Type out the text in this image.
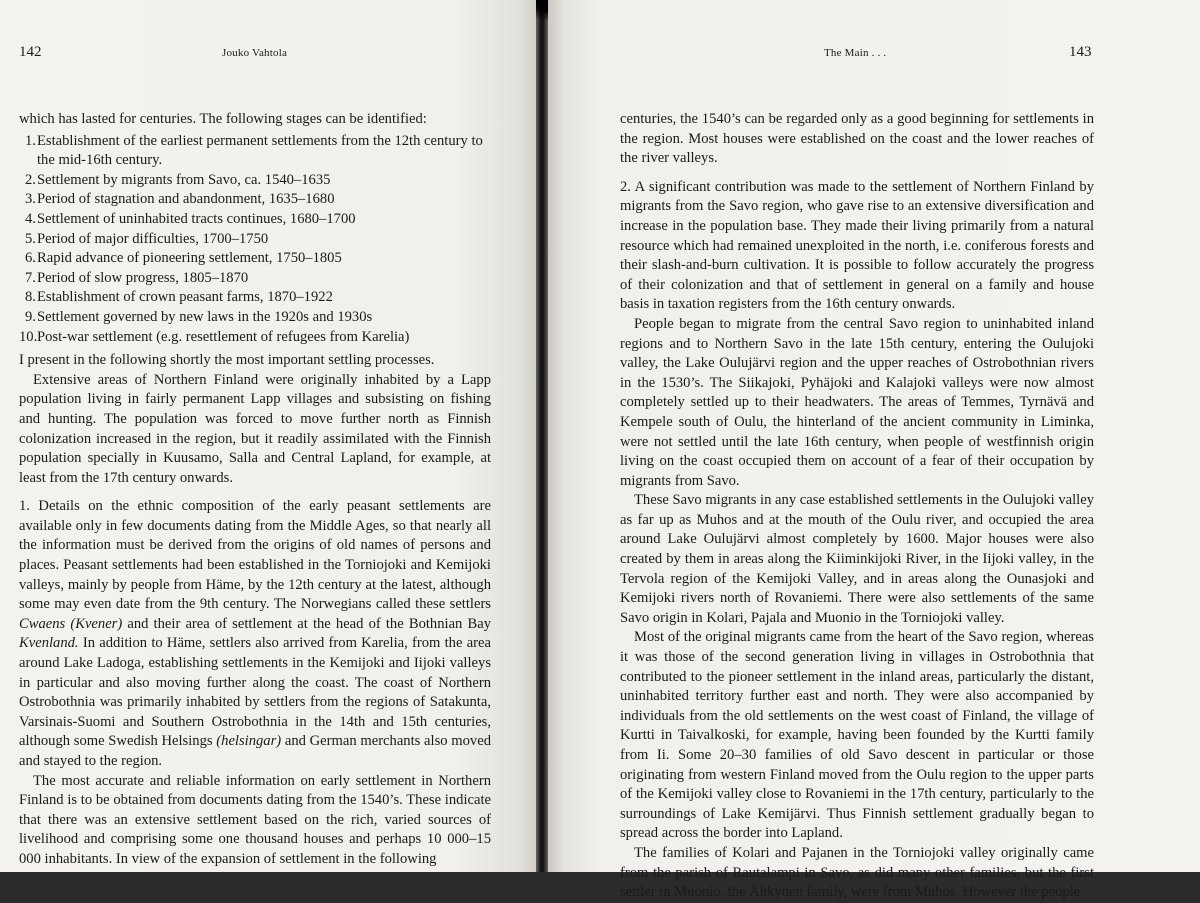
142	Jouko Vahtola

which has lasted for centuries. The following stages can be identified:

1. Establishment of the earliest permanent settlements from the 12th century to the mid-16th century.
2. Settlement by migrants from Savo, ca. 1540–1635
3. Period of stagnation and abandonment, 1635–1680
4. Settlement of uninhabited tracts continues, 1680–1700
5. Period of major difficulties, 1700–1750
6. Rapid advance of pioneering settlement, 1750–1805
7. Period of slow progress, 1805–1870
8. Establishment of crown peasant farms, 1870–1922
9. Settlement governed by new laws in the 1920s and 1930s
10. Post-war settlement (e.g. resettlement of refugees from Karelia)

I present in the following shortly the most important settling processes.

Extensive areas of Northern Finland were originally inhabited by a Lapp population living in fairly permanent Lapp villages and subsisting on fishing and hunting. The population was forced to move further north as Finnish colonization increased in the region, but it readily assimilated with the Finnish population specially in Kuusamo, Salla and Central Lapland, for example, at least from the 17th century onwards.

1. Details on the ethnic composition of the early peasant settlements are available only in few documents dating from the Middle Ages, so that nearly all the information must be derived from the origins of old names of persons and places. Peasant settlements had been established in the Torniojoki and Kemijoki valleys, mainly by people from Häme, by the 12th century at the latest, although some may even date from the 9th century. The Norwegians called these settlers Cwaens (Kvener) and their area of settlement at the head of the Bothnian Bay Kvenland. In addition to Häme, settlers also arrived from Karelia, from the area around Lake Ladoga, establishing settlements in the Kemijoki and Iijoki valleys in particular and also moving further along the coast. The coast of Northern Ostrobothnia was primarily inhabited by settlers from the regions of Satakunta, Varsinais-Suomi and Southern Ostrobothnia in the 14th and 15th centuries, although some Swedish Helsings (helsingar) and German merchants also moved and stayed to the region.

The most accurate and reliable information on early settlement in Northern Finland is to be obtained from documents dating from the 1540’s. These indicate that there was an extensive settlement based on the rich, varied sources of livelihood and comprising some one thousand houses and perhaps 10 000–15 000 inhabitants. In view of the expansion of settlement in the following

The Main . . .	143

centuries, the 1540’s can be regarded only as a good beginning for settlements in the region. Most houses were established on the coast and the lower reaches of the river valleys.

2. A significant contribution was made to the settlement of Northern Finland by migrants from the Savo region, who gave rise to an extensive diversification and increase in the population base. They made their living primarily from a natural resource which had remained unexploited in the north, i.e. coniferous forests and their slash-and-burn cultivation. It is possible to follow accurately the progress of their colonization and that of settlement in general on a family and house basis in taxation registers from the 16th century onwards.

People began to migrate from the central Savo region to uninhabited inland regions and to Northern Savo in the late 15th century, entering the Oulujoki valley, the Lake Oulujärvi region and the upper reaches of Ostrobothnian rivers in the 1530’s. The Siikajoki, Pyhäjoki and Kalajoki valleys were now almost completely settled up to their headwaters. The areas of Temmes, Tyrnävä and Kempele south of Oulu, the hinterland of the ancient community in Liminka, were not settled until the late 16th century, when people of westfinnish origin living on the coast occupied them on account of a fear of their occupation by migrants from Savo.

These Savo migrants in any case established settlements in the Oulujoki valley as far up as Muhos and at the mouth of the Oulu river, and occupied the area around Lake Oulujärvi almost completely by 1600. Major houses were also created by them in areas along the Kiiminkijoki River, in the Iijoki valley, in the Tervola region of the Kemijoki Valley, and in areas along the Ounasjoki and Kemijoki rivers north of Rovaniemi. There were also settlements of the same Savo origin in Kolari, Pajala and Muonio in the Torniojoki valley.

Most of the original migrants came from the heart of the Savo region, whereas it was those of the second generation living in villages in Ostrobothnia that contributed to the pioneer settlement in the inland areas, particularly the distant, uninhabited territory further east and north. They were also accompanied by individuals from the old settlements on the west coast of Finland, the village of Kurtti in Taivalkoski, for example, having been founded by the Kurtti family from Ii. Some 20–30 families of old Savo descent in particular or those originating from western Finland moved from the Oulu region to the upper parts of the Kemijoki valley close to Rovaniemi in the 17th century, particularly to the surroundings of Lake Kemijärvi. Thus Finnish settlement gradually began to spread across the border into Lapland.

The families of Kolari and Pajanen in the Torniojoki valley originally came from the parish of Rautalampi in Savo, as did many other families, but the first settler in Muonio, the Ähkynen family, were from Muhos. However the people
